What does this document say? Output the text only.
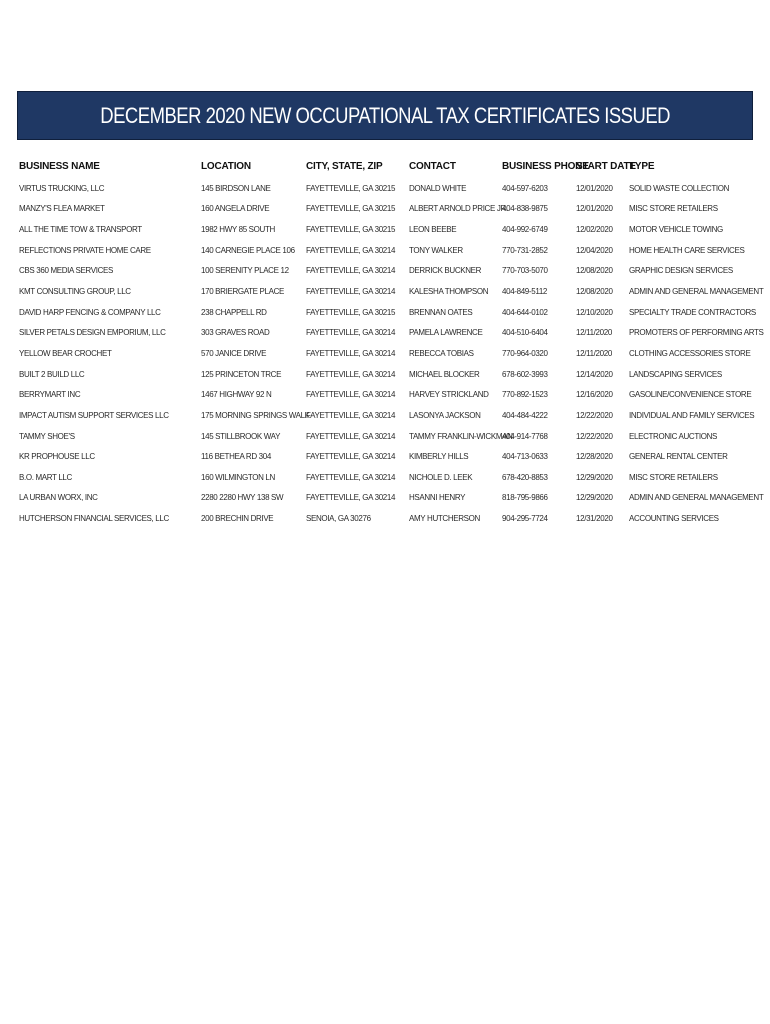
DECEMBER 2020 NEW OCCUPATIONAL TAX CERTIFICATES ISSUED
BUSINESS NAME	LOCATION	CITY, STATE, ZIP	CONTACT	BUSINESS PHONE	START DATE	TYPE
VIRTUS TRUCKING, LLC	145 BIRDSON LANE	FAYETTEVILLE, GA 30215	DONALD WHITE	404-597-6203	12/01/2020	SOLID WASTE COLLECTION
MANZY'S FLEA MARKET	160 ANGELA DRIVE	FAYETTEVILLE, GA 30215	ALBERT ARNOLD PRICE JR.	404-838-9875	12/01/2020	MISC STORE RETAILERS
ALL THE TIME TOW & TRANSPORT	1982 HWY 85 SOUTH	FAYETTEVILLE, GA 30215	LEON BEEBE	404-992-6749	12/02/2020	MOTOR VEHICLE TOWING
REFLECTIONS PRIVATE HOME CARE	140 CARNEGIE PLACE 106	FAYETTEVILLE, GA 30214	TONY WALKER	770-731-2852	12/04/2020	HOME HEALTH CARE SERVICES
CBS 360 MEDIA SERVICES	100 SERENITY PLACE 12	FAYETTEVILLE, GA 30214	DERRICK BUCKNER	770-703-5070	12/08/2020	GRAPHIC DESIGN SERVICES
KMT CONSULTING GROUP, LLC	170 BRIERGATE PLACE	FAYETTEVILLE, GA 30214	KALESHA THOMPSON	404-849-5112	12/08/2020	ADMIN AND GENERAL MANAGEMENT
DAVID HARP FENCING & COMPANY LLC	238 CHAPPELL RD	FAYETTEVILLE, GA 30215	BRENNAN OATES	404-644-0102	12/10/2020	SPECIALTY TRADE CONTRACTORS
SILVER PETALS DESIGN EMPORIUM, LLC	303 GRAVES ROAD	FAYETTEVILLE, GA 30214	PAMELA LAWRENCE	404-510-6404	12/11/2020	PROMOTERS OF PERFORMING ARTS
YELLOW BEAR CROCHET	570 JANICE DRIVE	FAYETTEVILLE, GA 30214	REBECCA TOBIAS	770-964-0320	12/11/2020	CLOTHING ACCESSORIES STORE
BUILT 2 BUILD LLC	125 PRINCETON TRCE	FAYETTEVILLE, GA 30214	MICHAEL BLOCKER	678-602-3993	12/14/2020	LANDSCAPING SERVICES
BERRYMART INC	1467 HIGHWAY 92 N	FAYETTEVILLE, GA 30214	HARVEY STRICKLAND	770-892-1523	12/16/2020	GASOLINE/CONVENIENCE STORE
IMPACT AUTISM SUPPORT SERVICES LLC	175 MORNING SPRINGS WALK	FAYETTEVILLE, GA 30214	LASONYA JACKSON	404-484-4222	12/22/2020	INDIVIDUAL AND FAMILY SERVICES
TAMMY SHOE'S	145 STILLBROOK WAY	FAYETTEVILLE, GA 30214	TAMMY FRANKLIN-WICKMAN	404-914-7768	12/22/2020	ELECTRONIC AUCTIONS
KR PROPHOUSE LLC	116 BETHEA RD 304	FAYETTEVILLE, GA 30214	KIMBERLY HILLS	404-713-0633	12/28/2020	GENERAL RENTAL CENTER
B.O. MART LLC	160 WILMINGTON LN	FAYETTEVILLE, GA 30214	NICHOLE D. LEEK	678-420-8853	12/29/2020	MISC STORE RETAILERS
LA URBAN WORX, INC	2280 2280 HWY 138 SW	FAYETTEVILLE, GA 30214	HSANNI HENRY	818-795-9866	12/29/2020	ADMIN AND GENERAL MANAGEMENT
HUTCHERSON FINANCIAL SERVICES, LLC	200 BRECHIN DRIVE	SENOIA, GA 30276	AMY HUTCHERSON	904-295-7724	12/31/2020	ACCOUNTING SERVICES
